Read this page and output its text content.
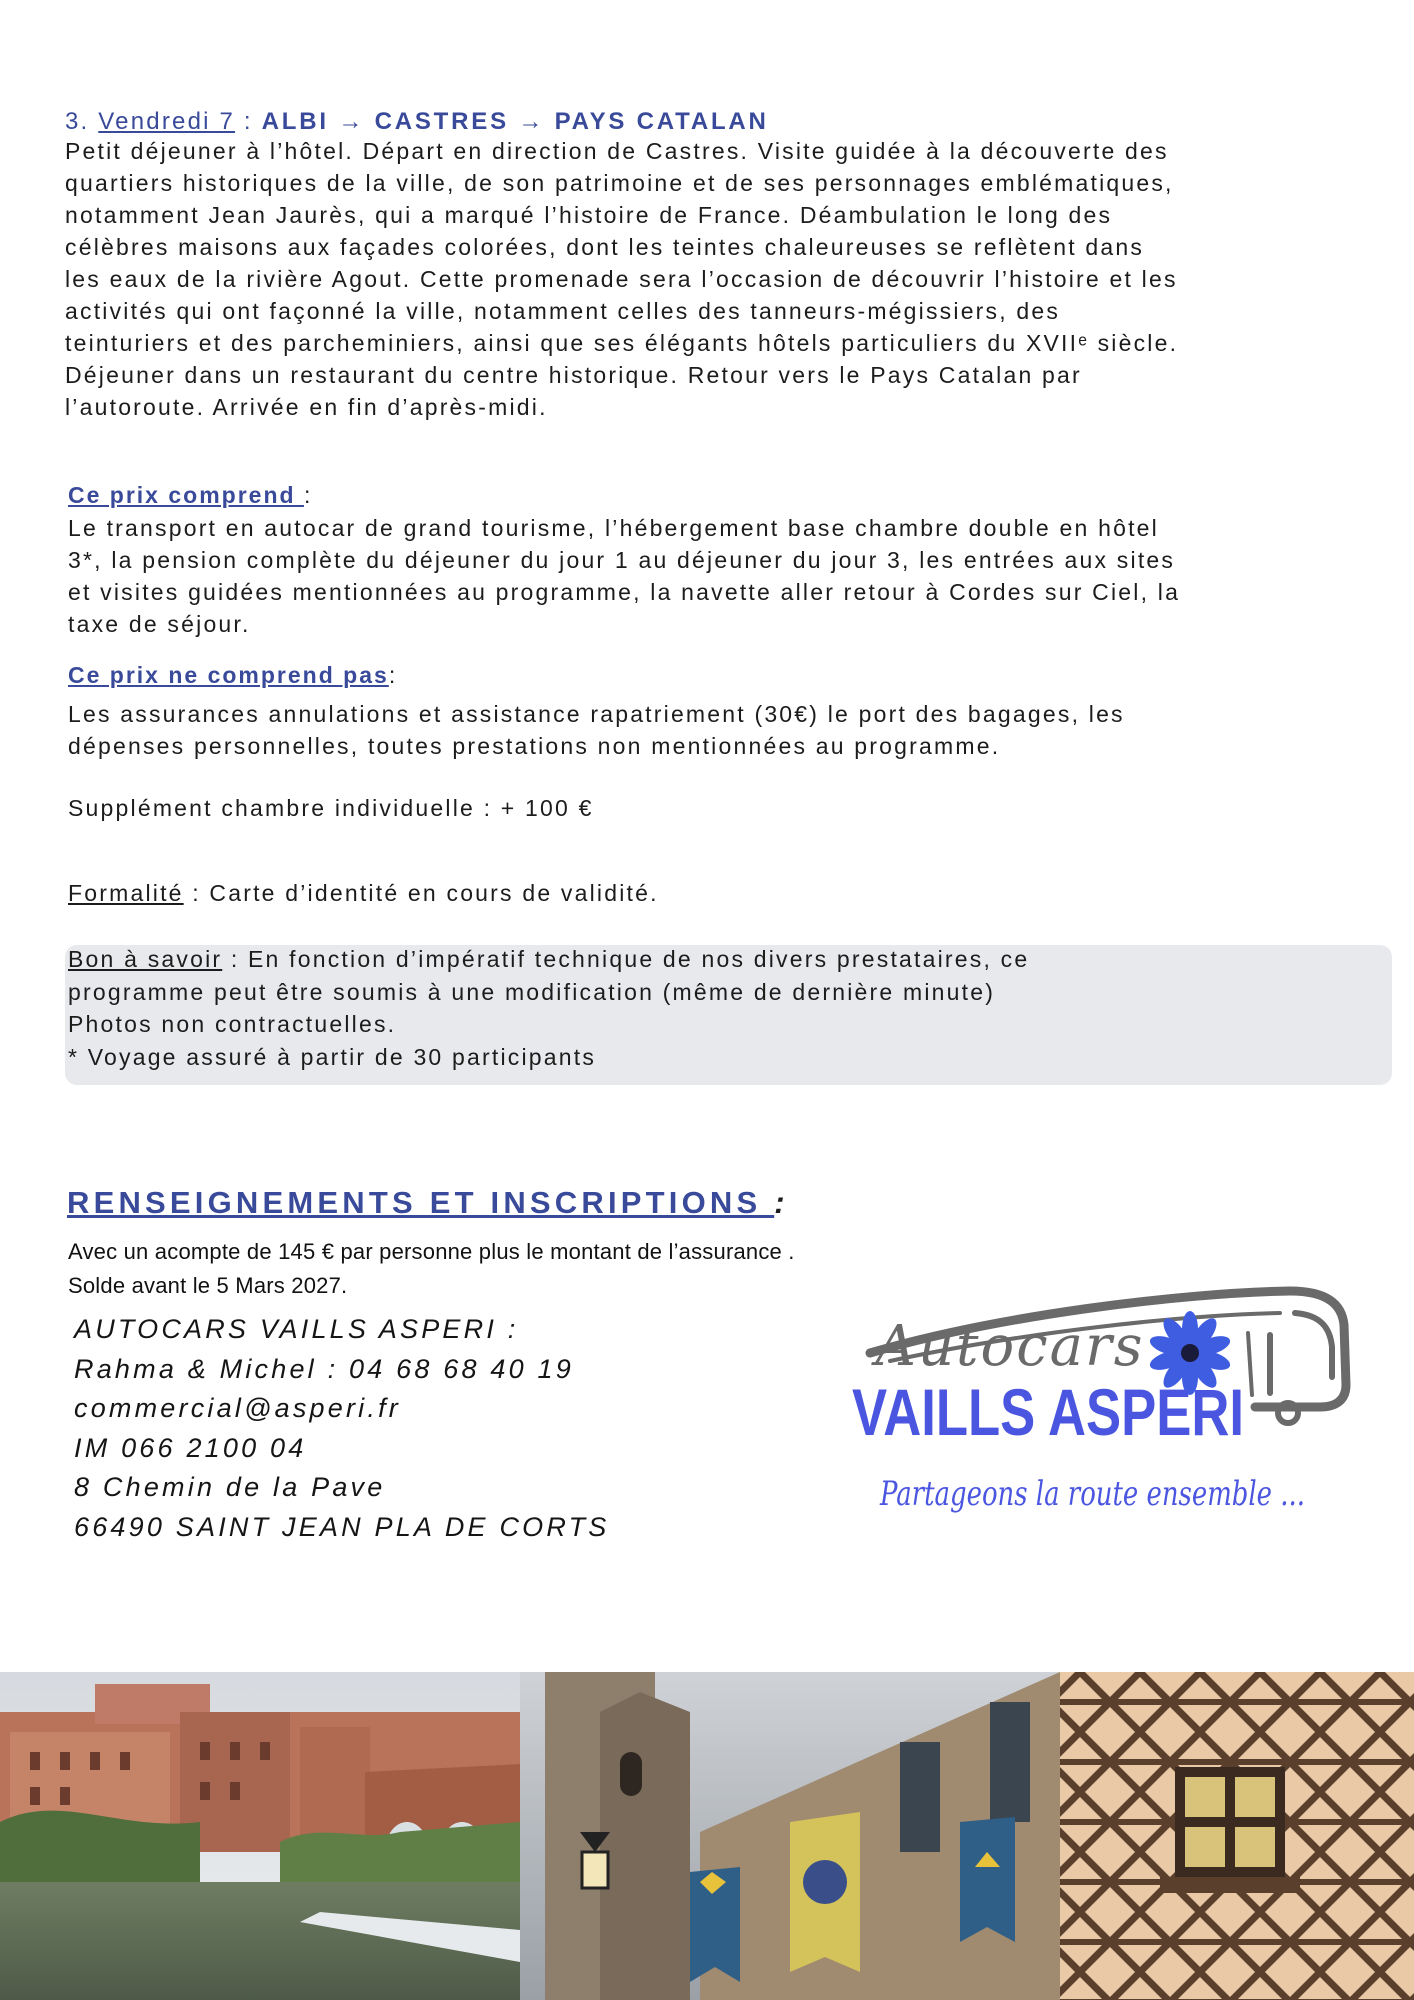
3. Vendredi 7 : ALBI → CASTRES → PAYS CATALAN
Petit déjeuner à l’hôtel. Départ en direction de Castres. Visite guidée à la découverte des
quartiers historiques de la ville, de son patrimoine et de ses personnages emblématiques,
notamment Jean Jaurès, qui a marqué l’histoire de France. Déambulation le long des
célèbres maisons aux façades colorées, dont les teintes chaleureuses se reflètent dans
les eaux de la rivière Agout. Cette promenade sera l’occasion de découvrir l’histoire et les
activités qui ont façonné la ville, notamment celles des tanneurs-mégissiers, des
teinturiers et des parcheminiers, ainsi que ses élégants hôtels particuliers du XVIIᵉ siècle.
Déjeuner dans un restaurant du centre historique. Retour vers le Pays Catalan par
l’autoroute. Arrivée en fin d’après-midi.
Ce prix comprend :
Le transport en autocar de grand tourisme, l’hébergement base chambre double en hôtel
3*, la pension complète du déjeuner du jour 1 au déjeuner du jour 3, les entrées aux sites
et visites guidées mentionnées au programme, la navette aller retour à Cordes sur Ciel, la
taxe de séjour.
Ce prix ne comprend pas:
Les assurances annulations et assistance rapatriement (30€) le port des bagages, les
dépenses personnelles, toutes prestations non mentionnées au programme.
Supplément chambre individuelle : + 100 €
Formalité : Carte d’identité en cours de validité.
Bon à savoir : En fonction d’impératif technique de nos divers prestataires, ce
programme peut être soumis à une modification (même de dernière minute)
Photos non contractuelles.
* Voyage assuré à partir de 30 participants
RENSEIGNEMENTS ET INSCRIPTIONS :
Avec un acompte de 145 € par personne plus le montant de l’assurance .
Solde avant le 5 Mars 2027.
AUTOCARS VAILLS ASPERI :
Rahma & Michel : 04 68 68 40 19
commercial@asperi.fr
IM 066 2100 04
8 Chemin de la Pave
66490 SAINT JEAN PLA DE CORTS
Autocars
VAILLS ASPERI
Partageons la route ensemble ...
